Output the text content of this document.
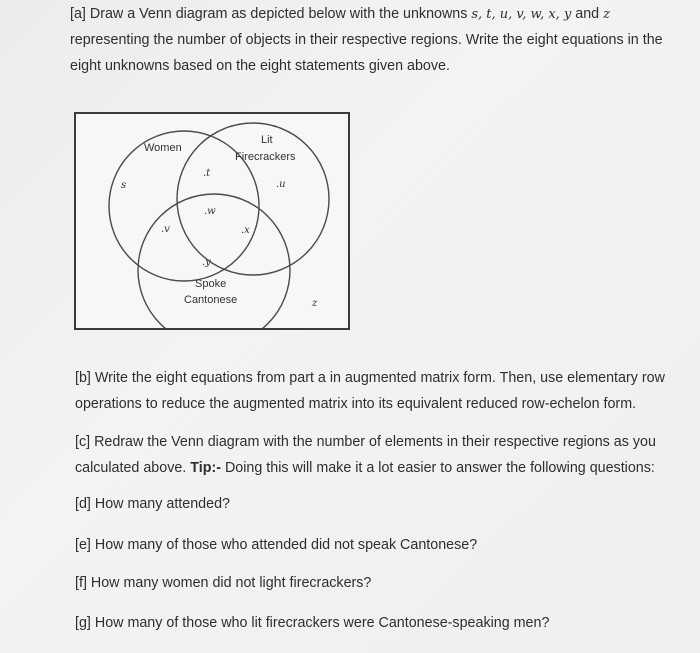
[a] Draw a Venn diagram as depicted below with the unknowns s, t, u, v, w, x, y and z

representing the number of objects in their respective regions. Write the eight equations in the

eight unknowns based on the eight statements given above.

Women
Lit
Firecrackers
Spoke
Cantonese
s
.t
.u
.v
.w
.x
.y
z

[b] Write the eight equations from part a in augmented matrix form. Then, use elementary row

operations to reduce the augmented matrix into its equivalent reduced row-echelon form.

[c] Redraw the Venn diagram with the number of elements in their respective regions as you

calculated above. Tip:- Doing this will make it a lot easier to answer the following questions:

[d] How many attended?
[e] How many of those who attended did not speak Cantonese?
[f] How many women did not light firecrackers?
[g] How many of those who lit firecrackers were Cantonese-speaking men?
